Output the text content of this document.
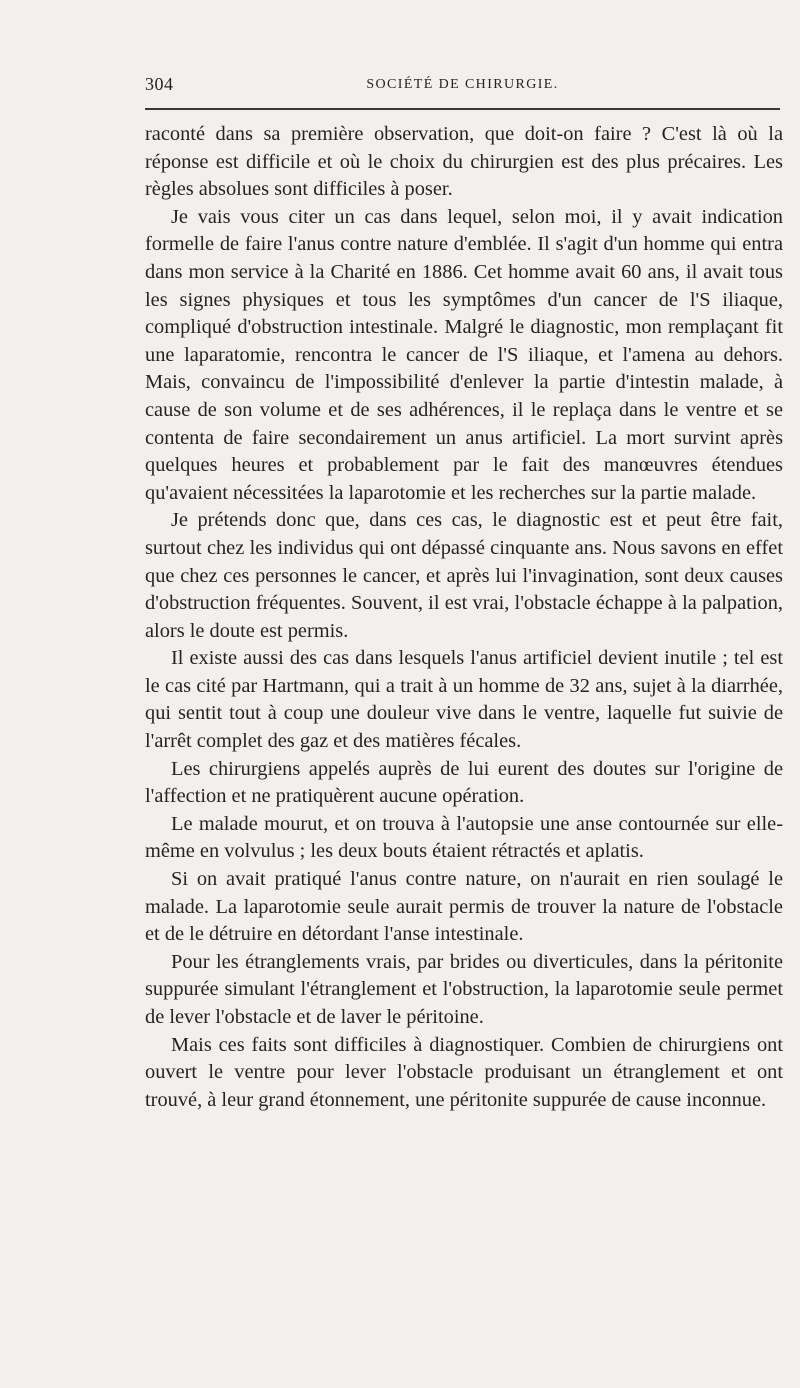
304	SOCIÉTÉ DE CHIRURGIE.

raconté dans sa première observation, que doit-on faire ? C'est là où la réponse est difficile et où le choix du chirurgien est des plus précaires. Les règles absolues sont difficiles à poser.

Je vais vous citer un cas dans lequel, selon moi, il y avait indication formelle de faire l'anus contre nature d'emblée. Il s'agit d'un homme qui entra dans mon service à la Charité en 1886. Cet homme avait 60 ans, il avait tous les signes physiques et tous les symptômes d'un cancer de l'S iliaque, compliqué d'obstruction intestinale. Malgré le diagnostic, mon remplaçant fit une laparatomie, rencontra le cancer de l'S iliaque, et l'amena au dehors. Mais, convaincu de l'impossibilité d'enlever la partie d'intestin malade, à cause de son volume et de ses adhérences, il le replaça dans le ventre et se contenta de faire secondairement un anus artificiel. La mort survint après quelques heures et probablement par le fait des manœuvres étendues qu'avaient nécessitées la laparotomie et les recherches sur la partie malade.

Je prétends donc que, dans ces cas, le diagnostic est et peut être fait, surtout chez les individus qui ont dépassé cinquante ans. Nous savons en effet que chez ces personnes le cancer, et après lui l'invagination, sont deux causes d'obstruction fréquentes. Souvent, il est vrai, l'obstacle échappe à la palpation, alors le doute est permis.

Il existe aussi des cas dans lesquels l'anus artificiel devient inutile ; tel est le cas cité par Hartmann, qui a trait à un homme de 32 ans, sujet à la diarrhée, qui sentit tout à coup une douleur vive dans le ventre, laquelle fut suivie de l'arrêt complet des gaz et des matières fécales.

Les chirurgiens appelés auprès de lui eurent des doutes sur l'origine de l'affection et ne pratiquèrent aucune opération.

Le malade mourut, et on trouva à l'autopsie une anse contournée sur elle-même en volvulus ; les deux bouts étaient rétractés et aplatis.

Si on avait pratiqué l'anus contre nature, on n'aurait en rien soulagé le malade. La laparotomie seule aurait permis de trouver la nature de l'obstacle et de le détruire en détordant l'anse intestinale.

Pour les étranglements vrais, par brides ou diverticules, dans la péritonite suppurée simulant l'étranglement et l'obstruction, la laparotomie seule permet de lever l'obstacle et de laver le péritoine.

Mais ces faits sont difficiles à diagnostiquer. Combien de chirurgiens ont ouvert le ventre pour lever l'obstacle produisant un étranglement et ont trouvé, à leur grand étonnement, une péritonite suppurée de cause inconnue.
